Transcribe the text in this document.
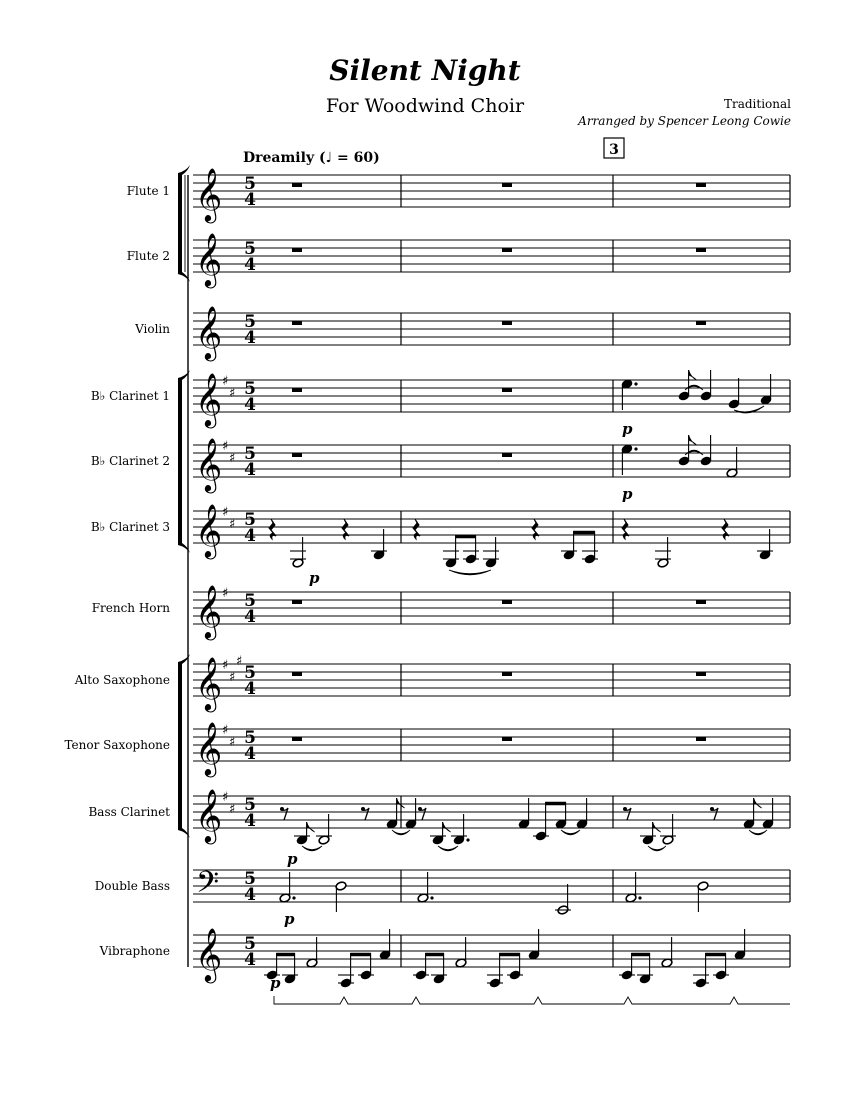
Silent Night
For Woodwind Choir	Traditional
Arranged by Spencer Leong Cowie
Dreamily (♩ = 60)	3
Flute 1 𝄞 5
4
Flute 2 𝄞 5
4
Violin 𝄞 5
4
B♭ Clarinet 1 𝄞 ♯
♯ 5
4
p
B♭ Clarinet 2 𝄞 ♯
♯ 5
4
p
B♭ Clarinet 3 𝄞 ♯
♯ 5
4
p
French Horn 𝄞 ♯ 5
4
Alto Saxophone 𝄞 ♯
♯
♯
5
4
Tenor Saxophone 𝄞 ♯
♯ 5
4
Bass Clarinet 𝄞 ♯
♯ 5
4
p
Double Bass 𝄢 5
4
p
Vibraphone 𝄞 5
4
p
